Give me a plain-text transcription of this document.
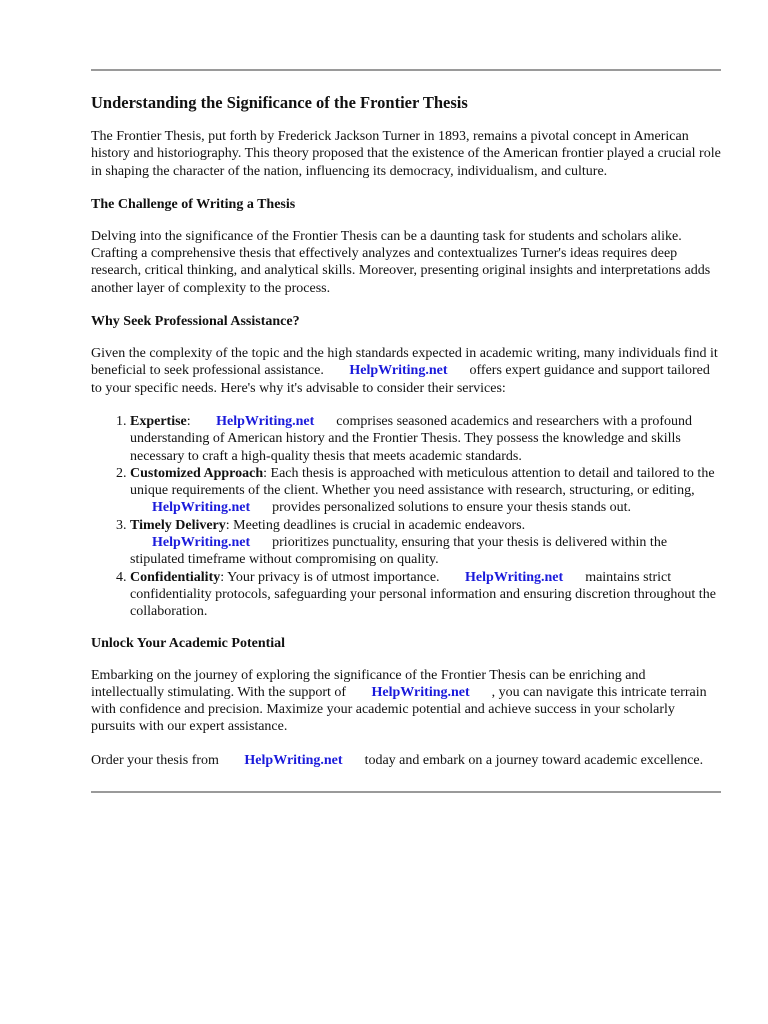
Understanding the Significance of the Frontier Thesis

The Frontier Thesis, put forth by Frederick Jackson Turner in 1893, remains a pivotal concept in American history and historiography. This theory proposed that the existence of the American frontier played a crucial role in shaping the character of the nation, influencing its democracy, individualism, and culture.

The Challenge of Writing a Thesis

Delving into the significance of the Frontier Thesis can be a daunting task for students and scholars alike. Crafting a comprehensive thesis that effectively analyzes and contextualizes Turner's ideas requires deep research, critical thinking, and analytical skills. Moreover, presenting original insights and interpretations adds another layer of complexity to the process.

Why Seek Professional Assistance?

Given the complexity of the topic and the high standards expected in academic writing, many individuals find it beneficial to seek professional assistance. HelpWriting.net offers expert guidance and support tailored to your specific needs. Here's why it's advisable to consider their services:

1. Expertise: HelpWriting.net comprises seasoned academics and researchers with a profound understanding of American history and the Frontier Thesis. They possess the knowledge and skills necessary to craft a high-quality thesis that meets academic standards.
2. Customized Approach: Each thesis is approached with meticulous attention to detail and tailored to the unique requirements of the client. Whether you need assistance with research, structuring, or editing, HelpWriting.net provides personalized solutions to ensure your thesis stands out.
3. Timely Delivery: Meeting deadlines is crucial in academic endeavors. HelpWriting.net prioritizes punctuality, ensuring that your thesis is delivered within the stipulated timeframe without compromising on quality.
4. Confidentiality: Your privacy is of utmost importance. HelpWriting.net maintains strict confidentiality protocols, safeguarding your personal information and ensuring discretion throughout the collaboration.
Unlock Your Academic Potential

Embarking on the journey of exploring the significance of the Frontier Thesis can be enriching and intellectually stimulating. With the support of HelpWriting.net , you can navigate this intricate terrain with confidence and precision. Maximize your academic potential and achieve success in your scholarly pursuits with our expert assistance.

Order your thesis from HelpWriting.net today and embark on a journey toward academic excellence.
